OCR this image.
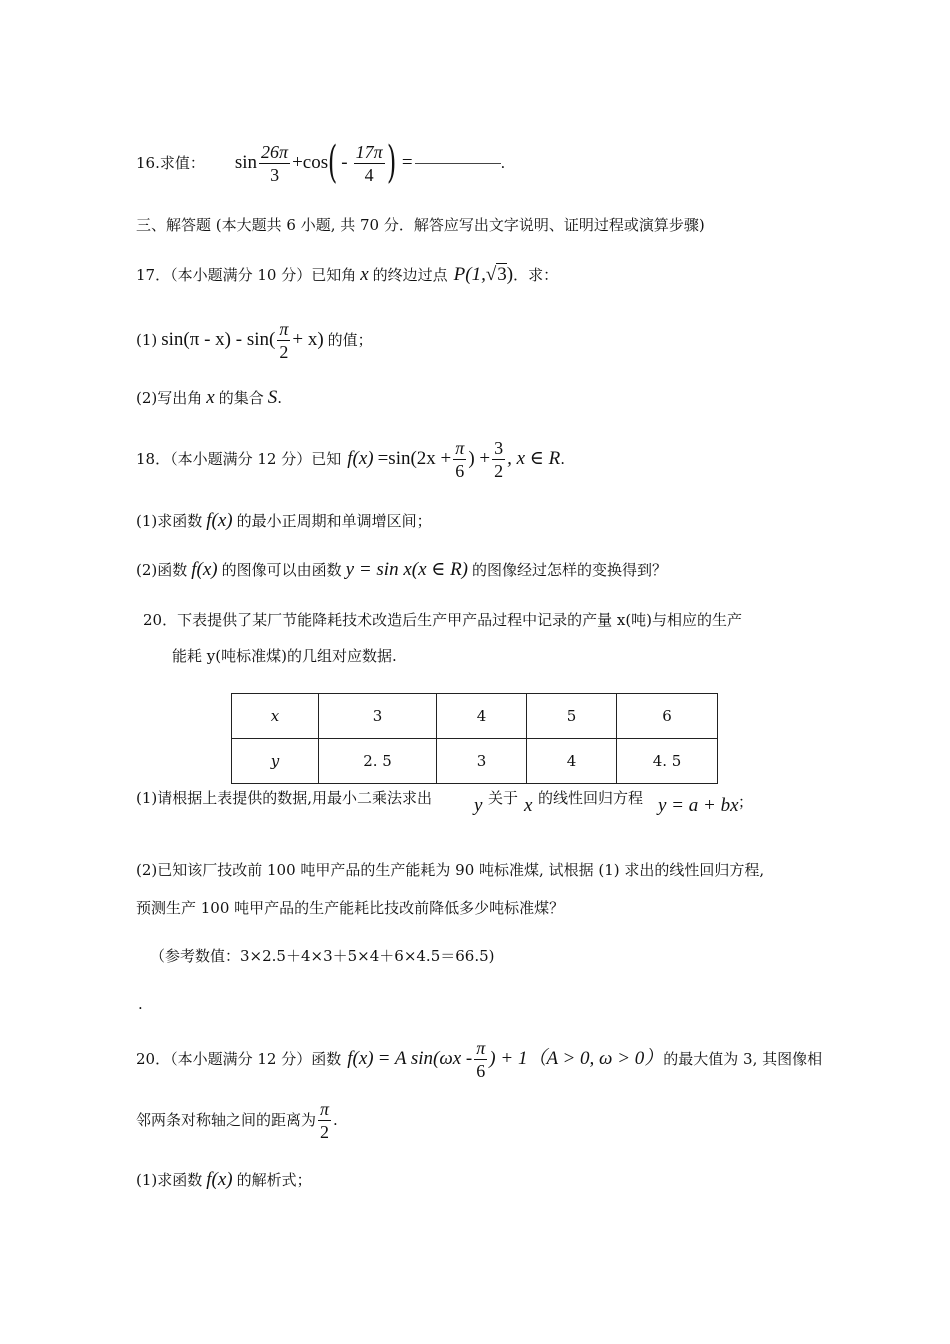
16.求值： $\sin \frac{26\pi}{3} + \cos$ ( - $\frac{17\pi}{4}$ ) =	.
三、解答题 (本大题共 6 小题, 共 70 分．解答应写出文字说明、证明过程或演算步骤)
17．（本小题满分 10 分）已知角 x 的终边过点 P(1,√3) ．求：
(1) $\sin(\pi - x) - \sin( \frac{\pi}{2} + x)$ 的值；
(2)写出角 x 的集合 S .
18．（本小题满分 12 分）已知 $f(x) =\sin(2x + \frac{\pi}{6}$ ) + $\frac{3}{2}$ , x ∈ R .
(1)求函数 f(x) 的最小正周期和单调增区间；
(2)函数 f(x) 的图像可以由函数 y = sin x(x ∈ R) 的图像经过怎样的变换得到？
20．下表提供了某厂节能降耗技术改造后生产甲产品过程中记录的产量 x(吨)与相应的生产
能耗 y(吨标准煤)的几组对应数据.
x	3	4	5	6
y	2. 5	3	4	4. 5
(1)请根据上表提供的数据,用最小二乘法求出 y 关于 x 的线性回归方程 y = a + bx ；
(2)已知该厂技改前 100 吨甲产品的生产能耗为 90 吨标准煤, 试根据 (1) 求出的线性回归方程,
预测生产 100 吨甲产品的生产能耗比技改前降低多少吨标准煤？
（参考数值：3×2.5＋4×3＋5×4＋6×4.5＝66.5)
.
20．（本小题满分 12 分）函数 f(x) = A $\sin(\omega x - \frac{\pi}{6}$ ) + 1（A > 0, ω > 0） 的最大值为 3, 其图像相
邻两条对称轴之间的距离为 $\frac{\pi}{2}$ .
(1)求函数 f(x) 的解析式；
